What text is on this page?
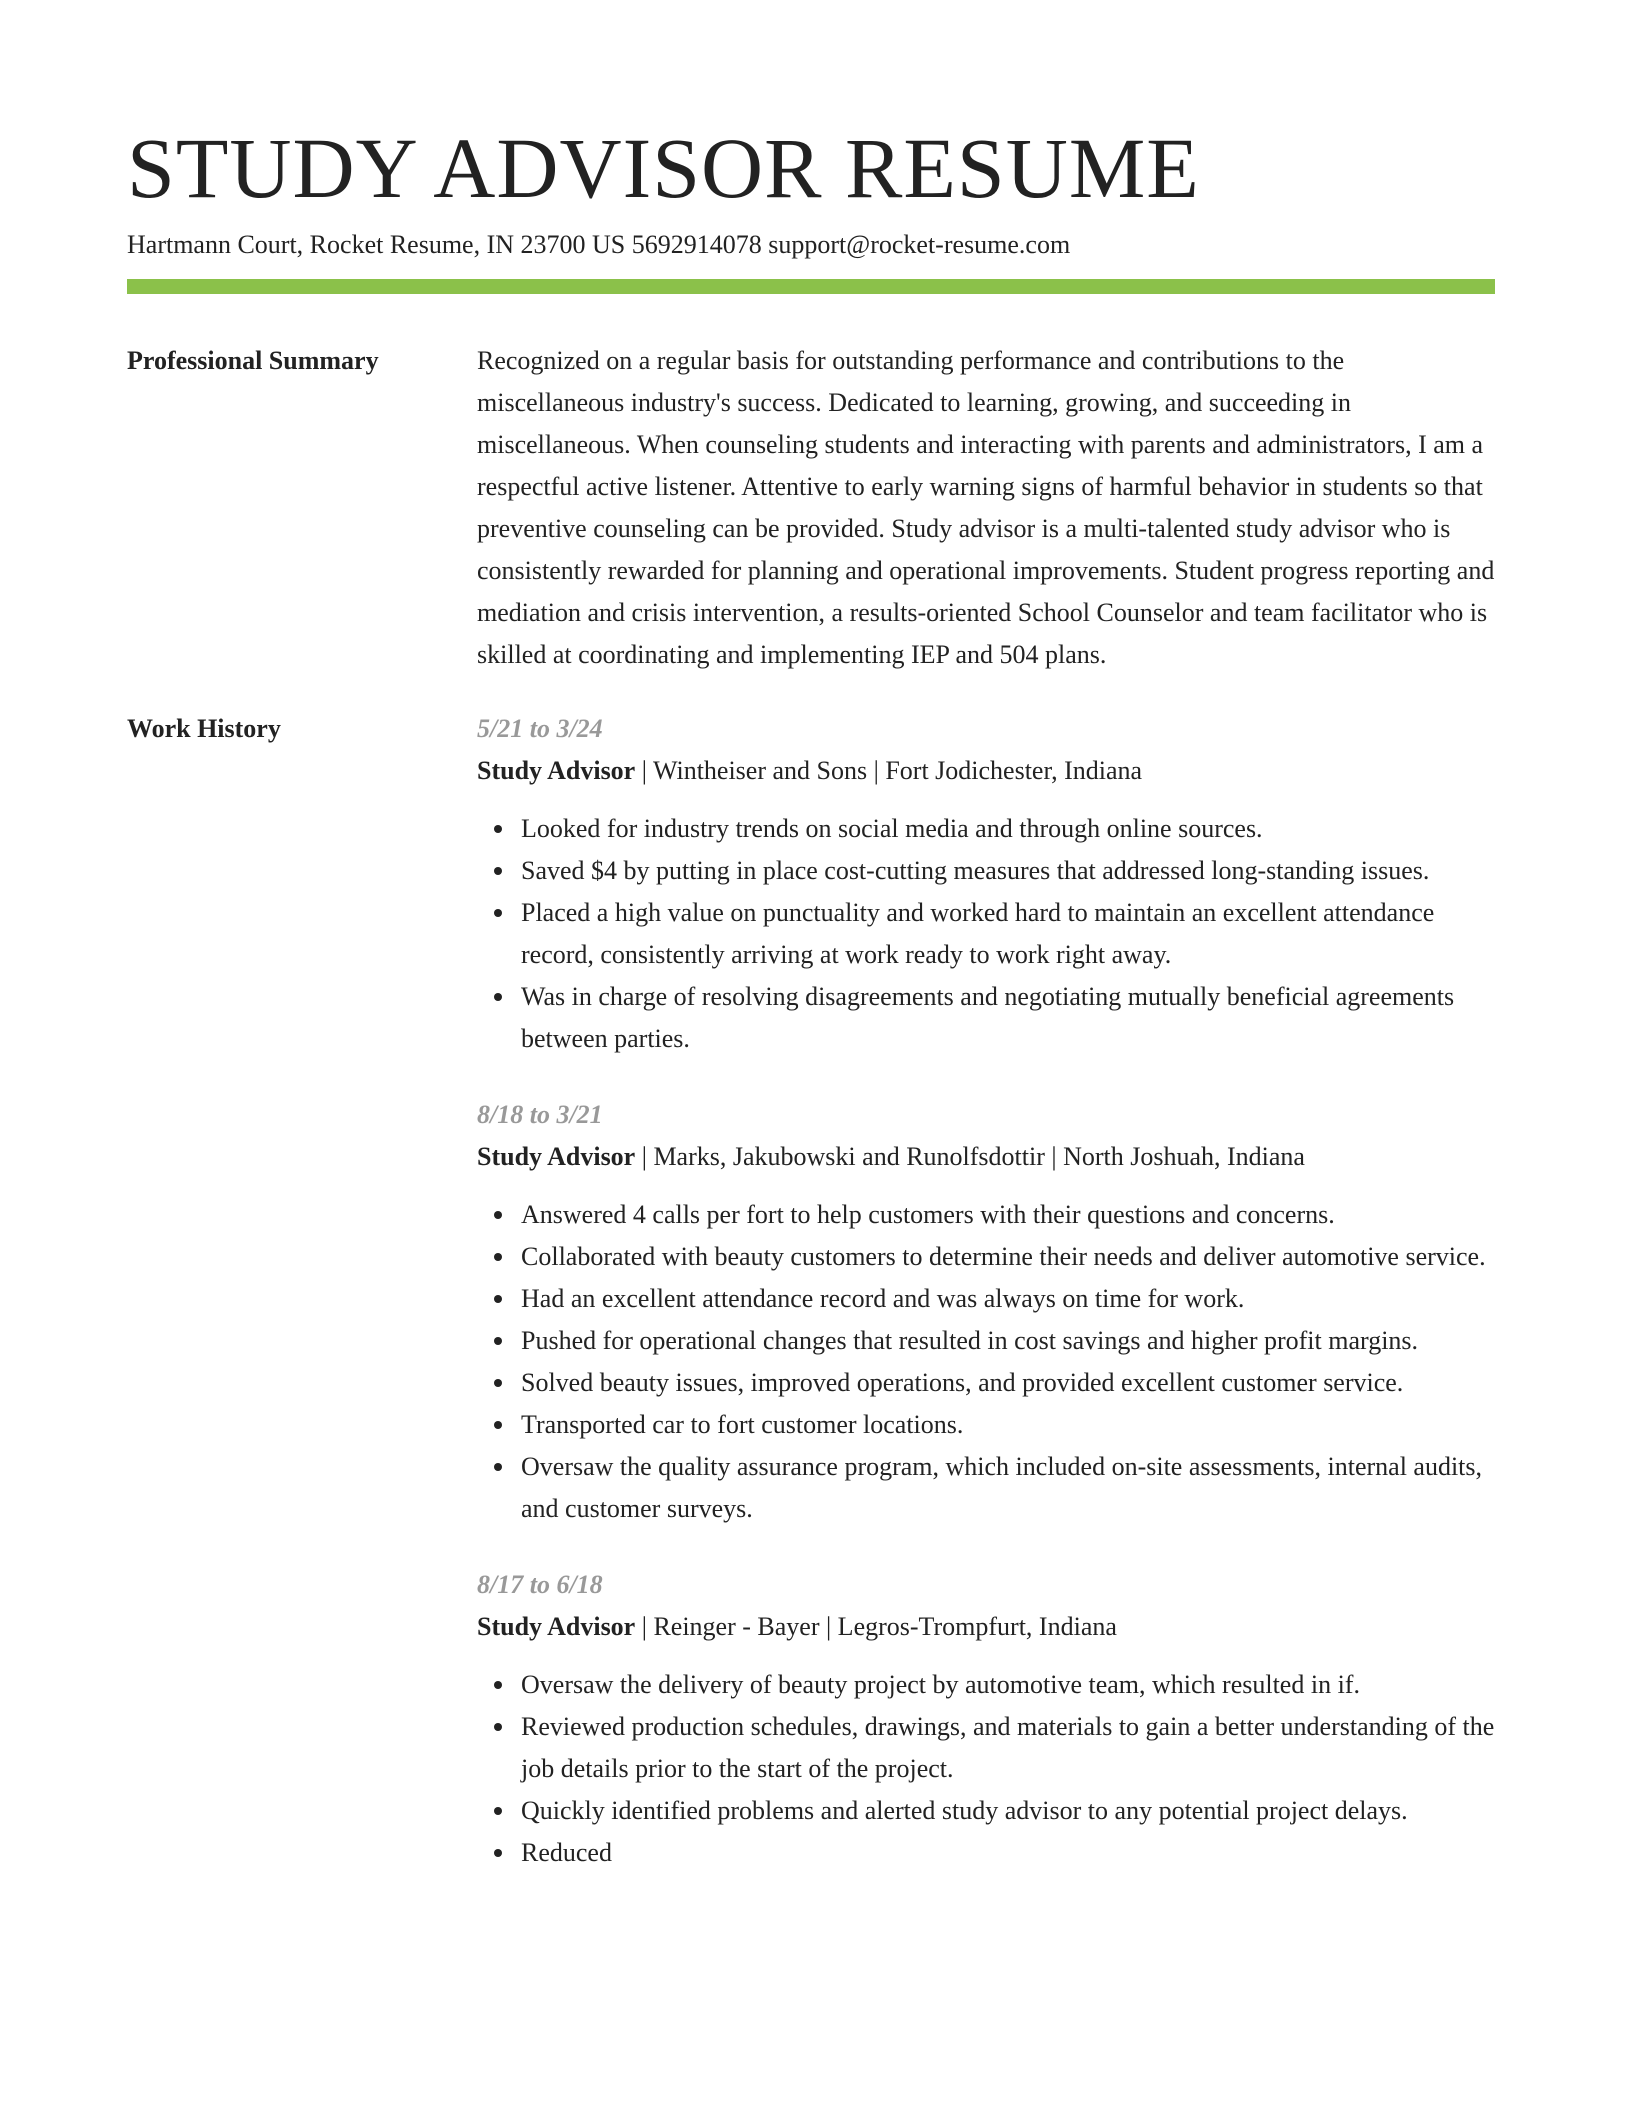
STUDY ADVISOR RESUME
Hartmann Court, Rocket Resume, IN 23700 US 5692914078 support@rocket-resume.com
Professional Summary	Recognized on a regular basis for outstanding performance and contributions to the miscellaneous industry's success. Dedicated to learning, growing, and succeeding in miscellaneous. When counseling students and interacting with parents and administrators, I am a respectful active listener. Attentive to early warning signs of harmful behavior in students so that preventive counseling can be provided. Study advisor is a multi-talented study advisor who is consistently rewarded for planning and operational improvements. Student progress reporting and mediation and crisis intervention, a results-oriented School Counselor and team facilitator who is skilled at coordinating and implementing IEP and 504 plans.

Work History	5/21 to 3/24
Study Advisor | Wintheiser and Sons | Fort Jodichester, Indiana
Looked for industry trends on social media and through online sources.
Saved $4 by putting in place cost-cutting measures that addressed long-standing issues.
Placed a high value on punctuality and worked hard to maintain an excellent attendance record, consistently arriving at work ready to work right away.
Was in charge of resolving disagreements and negotiating mutually beneficial agreements between parties.
8/18 to 3/21
Study Advisor | Marks, Jakubowski and Runolfsdottir | North Joshuah, Indiana
Answered 4 calls per fort to help customers with their questions and concerns.
Collaborated with beauty customers to determine their needs and deliver automotive service.
Had an excellent attendance record and was always on time for work.
Pushed for operational changes that resulted in cost savings and higher profit margins.
Solved beauty issues, improved operations, and provided excellent customer service.
Transported car to fort customer locations.
Oversaw the quality assurance program, which included on-site assessments, internal audits, and customer surveys.
8/17 to 6/18
Study Advisor | Reinger - Bayer | Legros-Trompfurt, Indiana
Oversaw the delivery of beauty project by automotive team, which resulted in if.
Reviewed production schedules, drawings, and materials to gain a better understanding of the job details prior to the start of the project.
Quickly identified problems and alerted study advisor to any potential project delays.
Reduced
